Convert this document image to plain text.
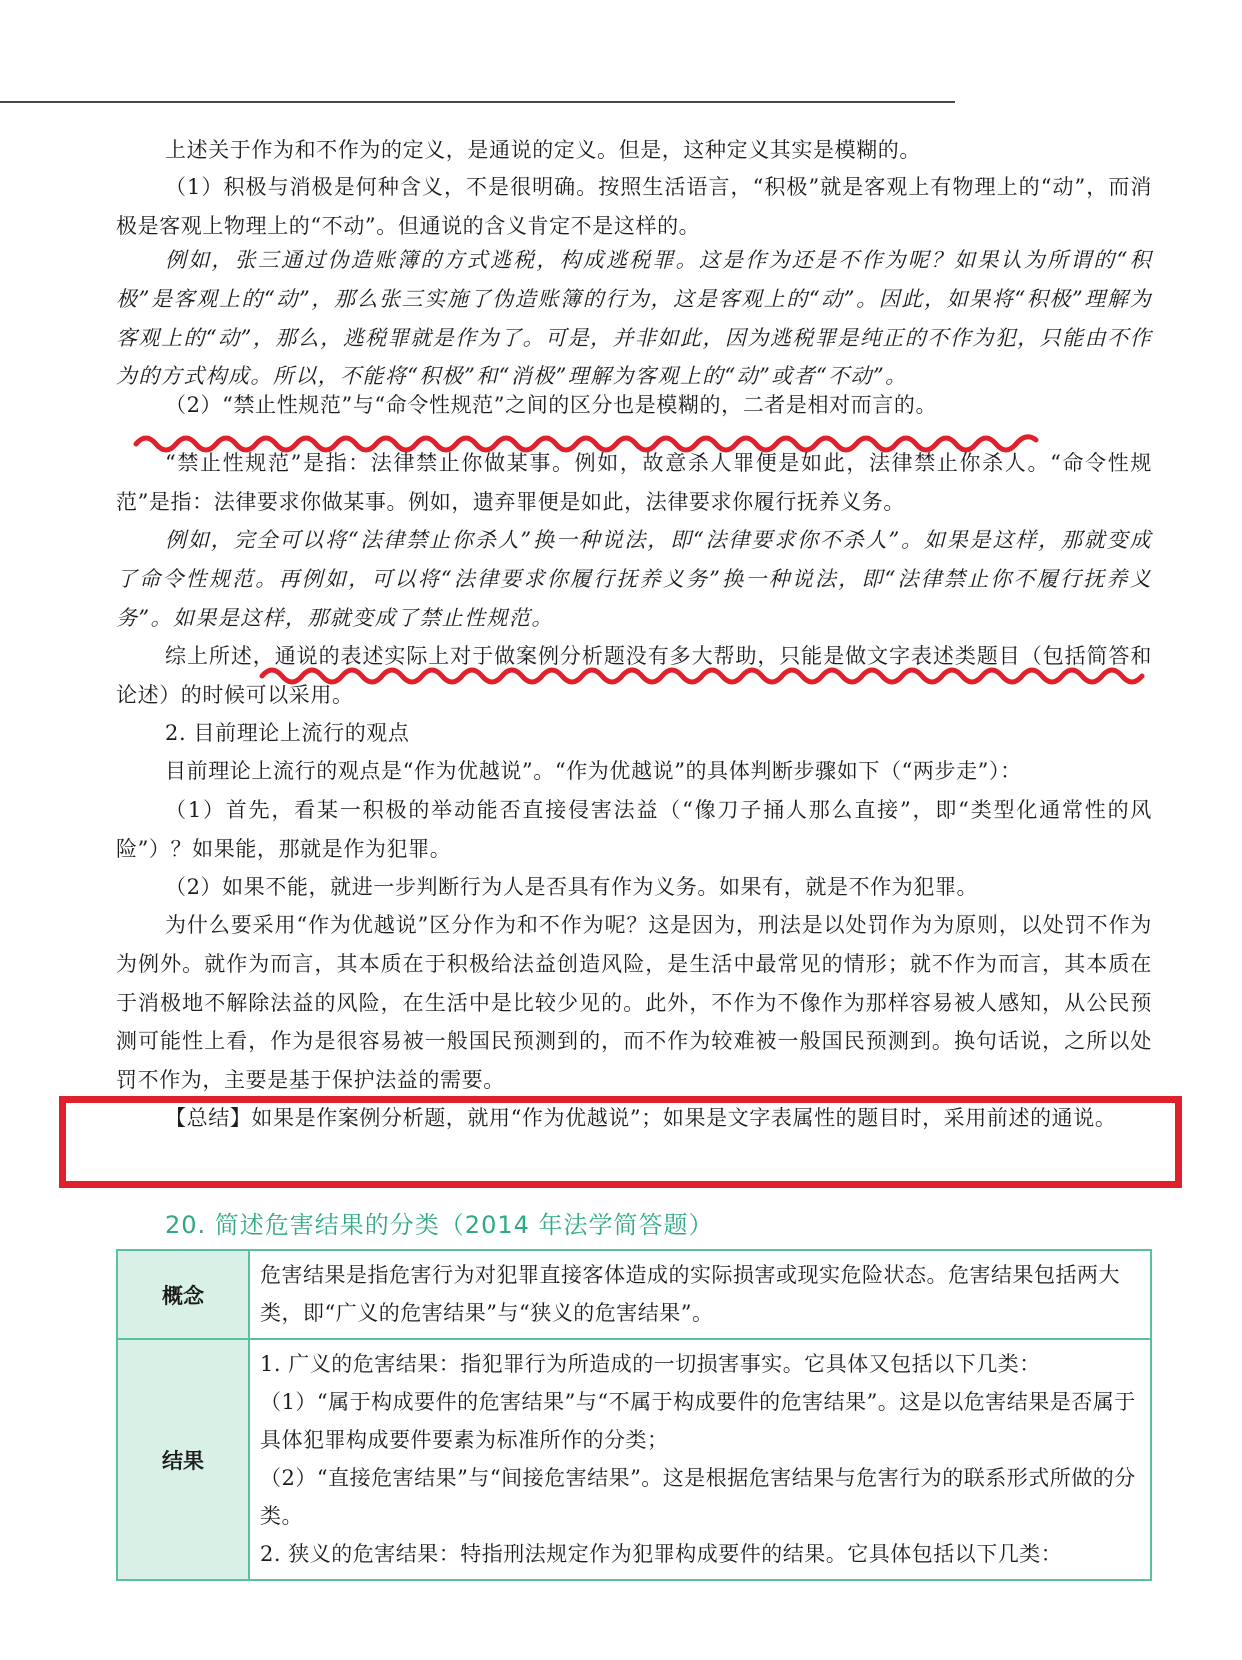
上述关于作为和不作为的定义，是通说的定义。但是，这种定义其实是模糊的。

（1）积极与消极是何种含义，不是很明确。按照生活语言，“积极”就是客观上有物理上的“动”，而消极是客观上物理上的“不动”。但通说的含义肯定不是这样的。

例如，张三通过伪造账簿的方式逃税，构成逃税罪。这是作为还是不作为呢？如果认为所谓的“积极”是客观上的“动”，那么张三实施了伪造账簿的行为，这是客观上的“动”。因此，如果将“积极”理解为客观上的“动”，那么，逃税罪就是作为了。可是，并非如此，因为逃税罪是纯正的不作为犯，只能由不作为的方式构成。所以，不能将“积极”和“消极”理解为客观上的“动”或者“不动”。

（2）“禁止性规范”与“命令性规范”之间的区分也是模糊的，二者是相对而言的。

“禁止性规范”是指：法律禁止你做某事。例如，故意杀人罪便是如此，法律禁止你杀人。“命令性规范”是指：法律要求你做某事。例如，遗弃罪便是如此，法律要求你履行抚养义务。

例如，完全可以将“法律禁止你杀人”换一种说法，即“法律要求你不杀人”。如果是这样，那就变成了命令性规范。再例如，可以将“法律要求你履行抚养义务”换一种说法，即“法律禁止你不履行抚养义务”。如果是这样，那就变成了禁止性规范。

综上所述，通说的表述实际上对于做案例分析题没有多大帮助，只能是做文字表述类题目（包括简答和论述）的时候可以采用。

2. 目前理论上流行的观点

目前理论上流行的观点是“作为优越说”。“作为优越说”的具体判断步骤如下（“两步走”）：

（1）首先，看某一积极的举动能否直接侵害法益（“像刀子捅人那么直接”，即“类型化通常性的风险”）？如果能，那就是作为犯罪。

（2）如果不能，就进一步判断行为人是否具有作为义务。如果有，就是不作为犯罪。

为什么要采用“作为优越说”区分作为和不作为呢？这是因为，刑法是以处罚作为为原则，以处罚不作为为例外。就作为而言，其本质在于积极给法益创造风险，是生活中最常见的情形；就不作为而言，其本质在于消极地不解除法益的风险，在生活中是比较少见的。此外，不作为不像作为那样容易被人感知，从公民预测可能性上看，作为是很容易被一般国民预测到的，而不作为较难被一般国民预测到。换句话说，之所以处罚不作为，主要是基于保护法益的需要。

【总结】如果是作案例分析题，就用“作为优越说”；如果是文字表属性的题目时，采用前述的通说。

20. 简述危害结果的分类（2014 年法学简答题）
概念	危害结果是指危害行为对犯罪直接客体造成的实际损害或现实危险状态。危害结果包括两大类，即“广义的危害结果”与“狭义的危害结果”。
结果	1. 广义的危害结果：指犯罪行为所造成的一切损害事实。它具体又包括以下几类：
（1）“属于构成要件的危害结果”与“不属于构成要件的危害结果”。这是以危害结果是否属于具体犯罪构成要件要素为标准所作的分类；
（2）“直接危害结果”与“间接危害结果”。这是根据危害结果与危害行为的联系形式所做的分类。
2. 狭义的危害结果：特指刑法规定作为犯罪构成要件的结果。它具体包括以下几类：
